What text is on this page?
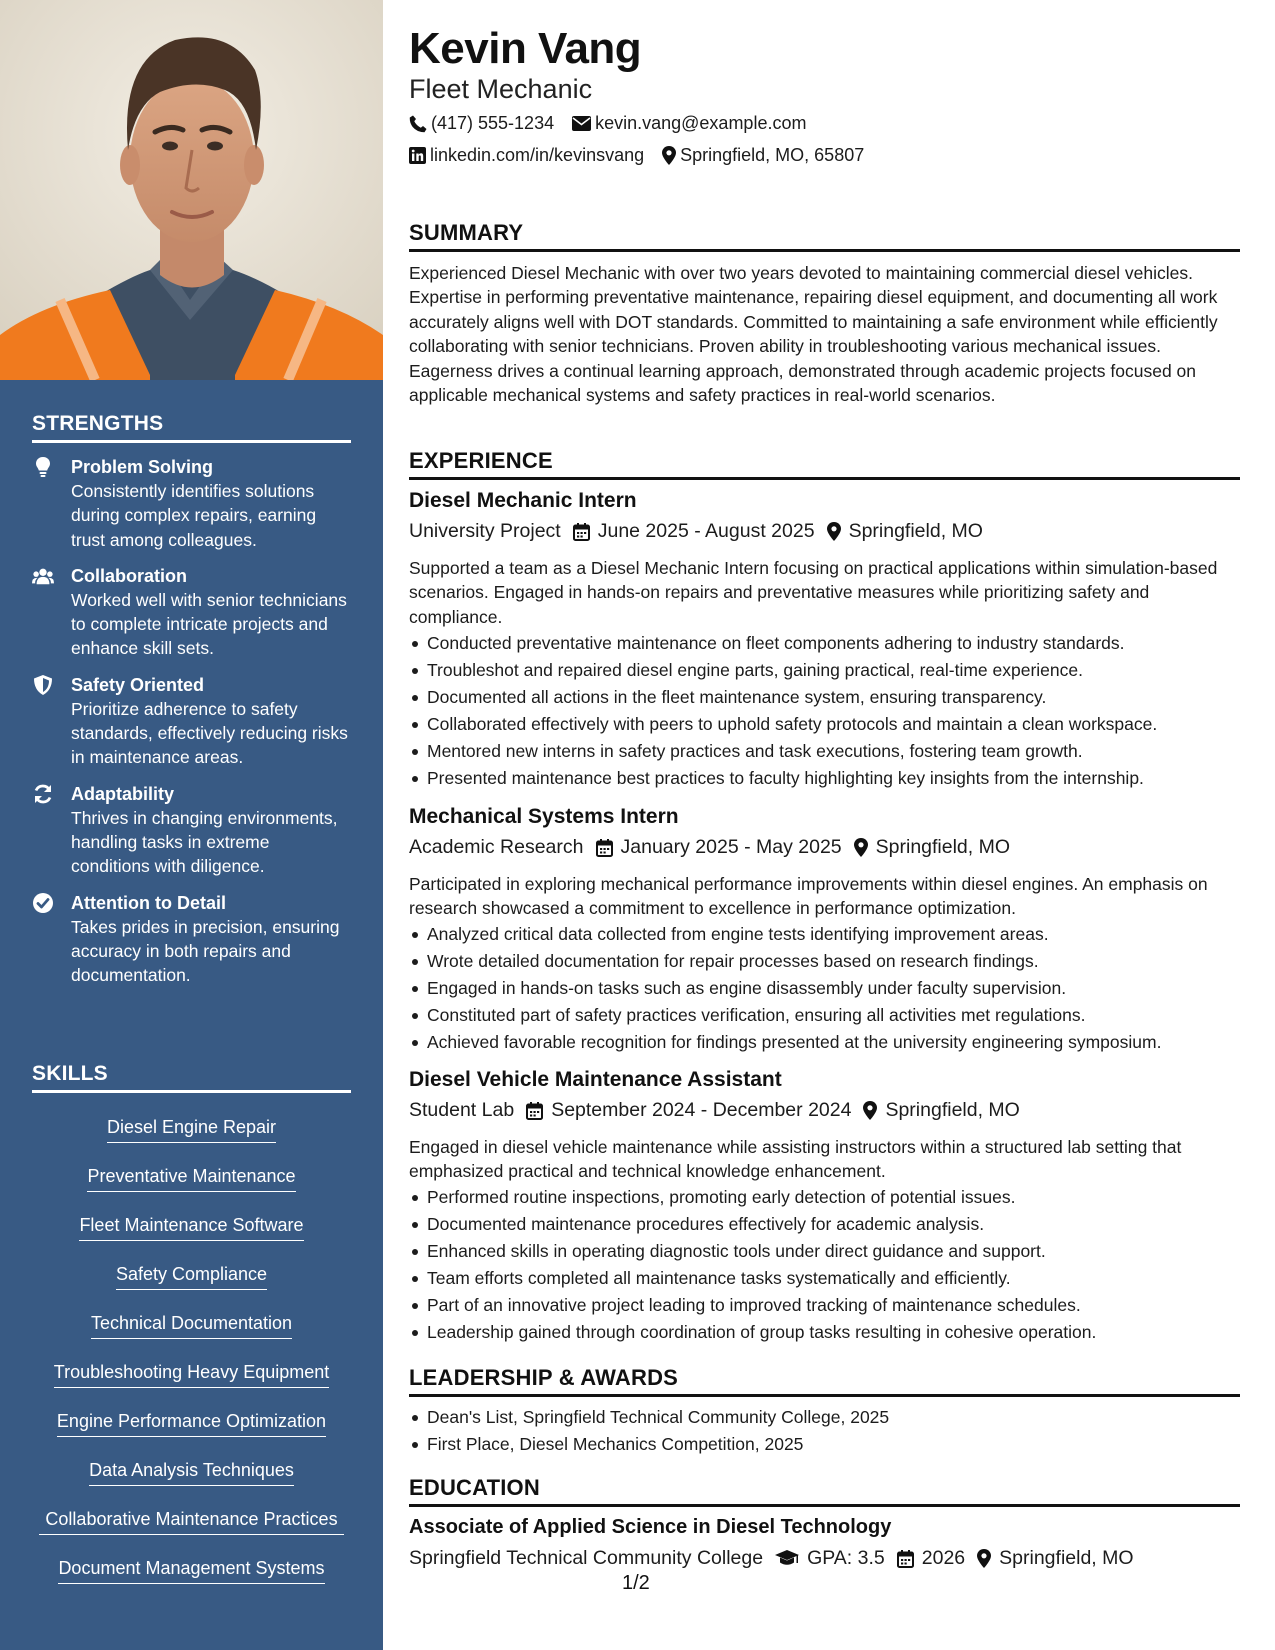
STRENGTHS
Problem Solving
Consistently identifies solutions during complex repairs, earning trust among colleagues.
Collaboration
Worked well with senior technicians to complete intricate projects and enhance skill sets.
Safety Oriented
Prioritize adherence to safety standards, effectively reducing risks in maintenance areas.
Adaptability
Thrives in changing environments, handling tasks in extreme conditions with diligence.
Attention to Detail
Takes prides in precision, ensuring accuracy in both repairs and documentation.
SKILLS
Diesel Engine Repair
Preventative Maintenance
Fleet Maintenance Software
Safety Compliance
Technical Documentation
Troubleshooting Heavy Equipment
Engine Performance Optimization
Data Analysis Techniques
Collaborative Maintenance Practices
Document Management Systems
Kevin Vang
Fleet Mechanic
(417) 555-1234 kevin.vang@example.com
linkedin.com/in/kevinsvang Springfield, MO, 65807
SUMMARY
Experienced Diesel Mechanic with over two years devoted to maintaining commercial diesel vehicles. Expertise in performing preventative maintenance, repairing diesel equipment, and documenting all work accurately aligns well with DOT standards. Committed to maintaining a safe environment while efficiently collaborating with senior technicians. Proven ability in troubleshooting various mechanical issues. Eagerness drives a continual learning approach, demonstrated through academic projects focused on applicable mechanical systems and safety practices in real-world scenarios.
EXPERIENCE
Diesel Mechanic Intern
University Project June 2025 - August 2025 Springfield, MO
Supported a team as a Diesel Mechanic Intern focusing on practical applications within simulation-based scenarios. Engaged in hands-on repairs and preventative measures while prioritizing safety and compliance.
Conducted preventative maintenance on fleet components adhering to industry standards.
Troubleshot and repaired diesel engine parts, gaining practical, real-time experience.
Documented all actions in the fleet maintenance system, ensuring transparency.
Collaborated effectively with peers to uphold safety protocols and maintain a clean workspace.
Mentored new interns in safety practices and task executions, fostering team growth.
Presented maintenance best practices to faculty highlighting key insights from the internship.
Mechanical Systems Intern
Academic Research January 2025 - May 2025 Springfield, MO
Participated in exploring mechanical performance improvements within diesel engines. An emphasis on research showcased a commitment to excellence in performance optimization.
Analyzed critical data collected from engine tests identifying improvement areas.
Wrote detailed documentation for repair processes based on research findings.
Engaged in hands-on tasks such as engine disassembly under faculty supervision.
Constituted part of safety practices verification, ensuring all activities met regulations.
Achieved favorable recognition for findings presented at the university engineering symposium.
Diesel Vehicle Maintenance Assistant
Student Lab September 2024 - December 2024 Springfield, MO
Engaged in diesel vehicle maintenance while assisting instructors within a structured lab setting that emphasized practical and technical knowledge enhancement.
Performed routine inspections, promoting early detection of potential issues.
Documented maintenance procedures effectively for academic analysis.
Enhanced skills in operating diagnostic tools under direct guidance and support.
Team efforts completed all maintenance tasks systematically and efficiently.
Part of an innovative project leading to improved tracking of maintenance schedules.
Leadership gained through coordination of group tasks resulting in cohesive operation.
LEADERSHIP & AWARDS
Dean's List, Springfield Technical Community College, 2025
First Place, Diesel Mechanics Competition, 2025
EDUCATION
Associate of Applied Science in Diesel Technology
Springfield Technical Community College GPA: 3.5 2026 Springfield, MO
1/2
